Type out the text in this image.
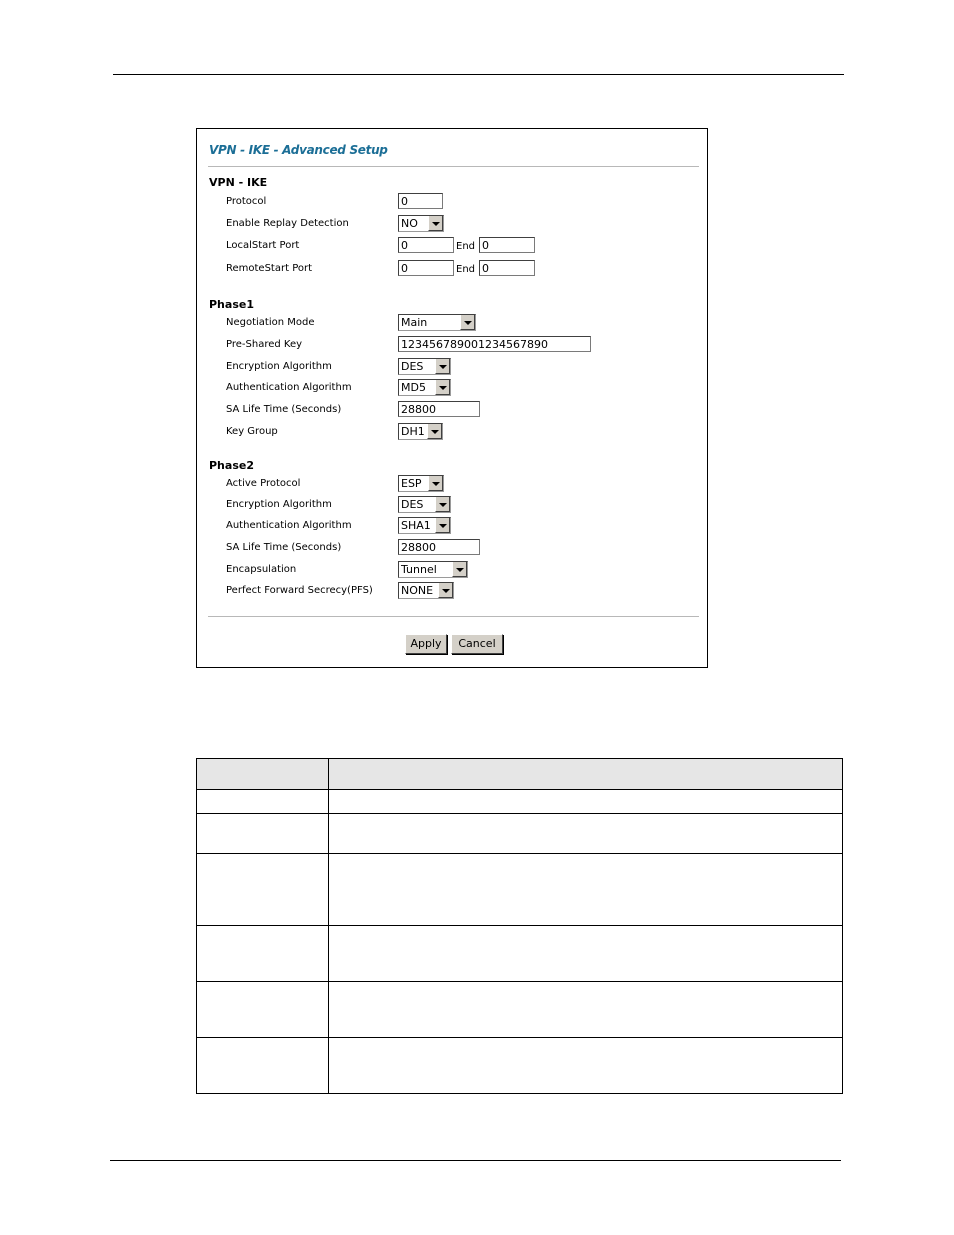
VPN - IKE - Advanced Setup
VPN - IKE
Protocol	0
Enable Replay Detection	NO
LocalStart Port	0	End 0
RemoteStart Port	0	End 0
Phase1
Negotiation Mode	Main
Pre-Shared Key	123456789001234567890
Encryption Algorithm	DES
Authentication Algorithm	MD5
SA Life Time (Seconds)	28800
Key Group	DH1
Phase2
Active Protocol	ESP
Encryption Algorithm	DES
Authentication Algorithm	SHA1
SA Life Time (Seconds)	28800
Encapsulation	Tunnel
Perfect Forward Secrecy(PFS)	NONE
Apply	Cancel
